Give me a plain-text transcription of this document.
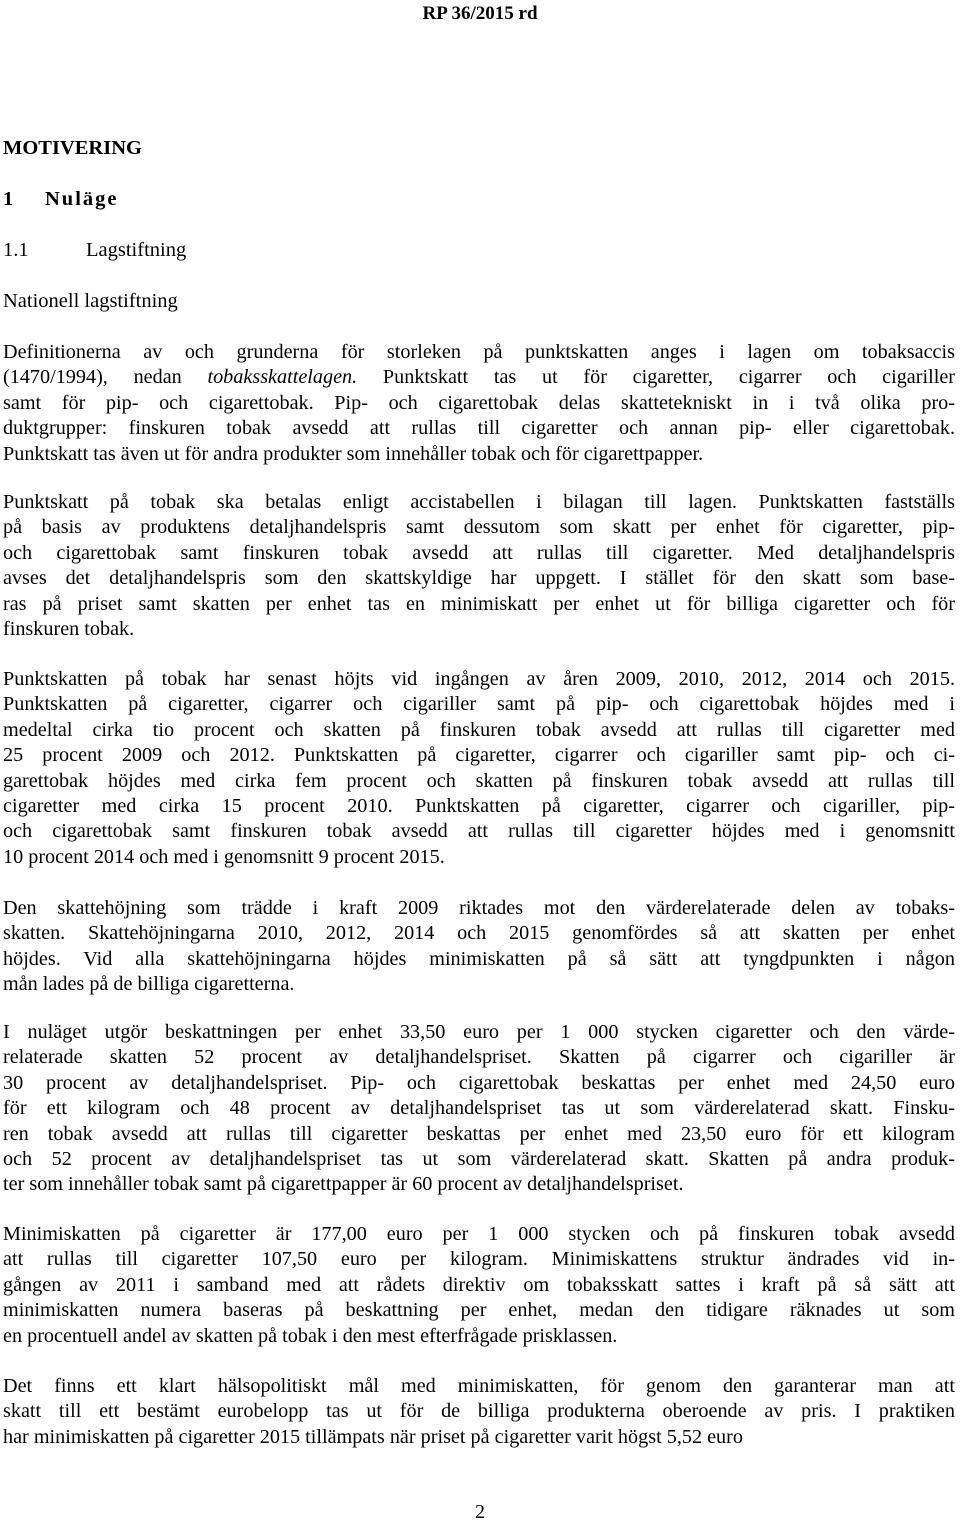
RP 36/2015 rd
MOTIVERING
1 Nuläge
1.1	Lagstiftning
Nationell lagstiftning
Definitionerna av och grunderna för storleken på punktskatten anges i lagen om tobaksaccis
(1470/1994), nedan tobaksskattelagen. Punktskatt tas ut för cigaretter, cigarrer och cigariller
samt för pip- och cigarettobak. Pip- och cigarettobak delas skattetekniskt in i två olika pro-
duktgrupper: finskuren tobak avsedd att rullas till cigaretter och annan pip- eller cigarettobak.
Punktskatt tas även ut för andra produkter som innehåller tobak och för cigarettpapper.
Punktskatt på tobak ska betalas enligt accistabellen i bilagan till lagen. Punktskatten fastställs
på basis av produktens detaljhandelspris samt dessutom som skatt per enhet för cigaretter, pip-
och cigarettobak samt finskuren tobak avsedd att rullas till cigaretter. Med detaljhandelspris
avses det detaljhandelspris som den skattskyldige har uppgett. I stället för den skatt som base-
ras på priset samt skatten per enhet tas en minimiskatt per enhet ut för billiga cigaretter och för
finskuren tobak.
Punktskatten på tobak har senast höjts vid ingången av åren 2009, 2010, 2012, 2014 och 2015.
Punktskatten på cigaretter, cigarrer och cigariller samt på pip- och cigarettobak höjdes med i
medeltal cirka tio procent och skatten på finskuren tobak avsedd att rullas till cigaretter med
25 procent 2009 och 2012. Punktskatten på cigaretter, cigarrer och cigariller samt pip- och ci-
garettobak höjdes med cirka fem procent och skatten på finskuren tobak avsedd att rullas till
cigaretter med cirka 15 procent 2010. Punktskatten på cigaretter, cigarrer och cigariller, pip-
och cigarettobak samt finskuren tobak avsedd att rullas till cigaretter höjdes med i genomsnitt
10 procent 2014 och med i genomsnitt 9 procent 2015.
Den skattehöjning som trädde i kraft 2009 riktades mot den värderelaterade delen av tobaks-
skatten. Skattehöjningarna 2010, 2012, 2014 och 2015 genomfördes så att skatten per enhet
höjdes. Vid alla skattehöjningarna höjdes minimiskatten på så sätt att tyngdpunkten i någon
mån lades på de billiga cigaretterna.
I nuläget utgör beskattningen per enhet 33,50 euro per 1 000 stycken cigaretter och den värde-
relaterade skatten 52 procent av detaljhandelspriset. Skatten på cigarrer och cigariller är
30 procent av detaljhandelspriset. Pip- och cigarettobak beskattas per enhet med 24,50 euro
för ett kilogram och 48 procent av detaljhandelspriset tas ut som värderelaterad skatt. Finsku-
ren tobak avsedd att rullas till cigaretter beskattas per enhet med 23,50 euro för ett kilogram
och 52 procent av detaljhandelspriset tas ut som värderelaterad skatt. Skatten på andra produk-
ter som innehåller tobak samt på cigarettpapper är 60 procent av detaljhandelspriset.
Minimiskatten på cigaretter är 177,00 euro per 1 000 stycken och på finskuren tobak avsedd
att rullas till cigaretter 107,50 euro per kilogram. Minimiskattens struktur ändrades vid in-
gången av 2011 i samband med att rådets direktiv om tobaksskatt sattes i kraft på så sätt att
minimiskatten numera baseras på beskattning per enhet, medan den tidigare räknades ut som
en procentuell andel av skatten på tobak i den mest efterfrågade prisklassen.
Det finns ett klart hälsopolitiskt mål med minimiskatten, för genom den garanterar man att
skatt till ett bestämt eurobelopp tas ut för de billiga produkterna oberoende av pris. I praktiken
har minimiskatten på cigaretter 2015 tillämpats när priset på cigaretter varit högst 5,52 euro
2
